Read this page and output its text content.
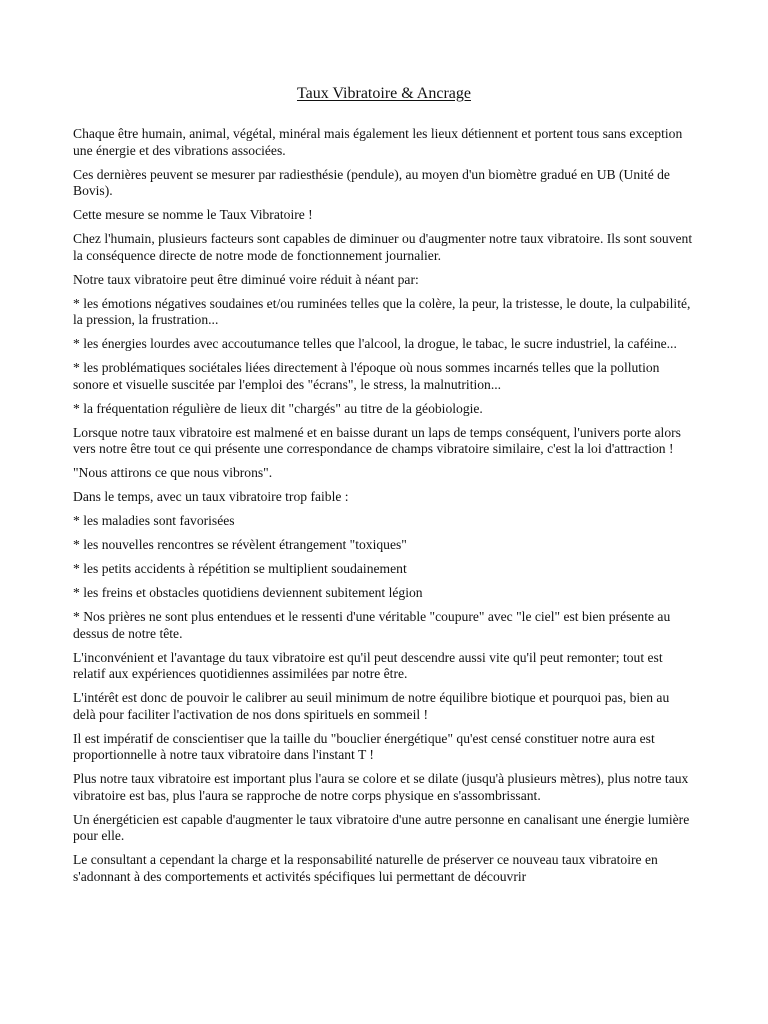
Taux Vibratoire & Ancrage

Chaque être humain, animal, végétal, minéral mais également les lieux détiennent et portent tous sans exception une énergie et des vibrations associées.

Ces dernières peuvent se mesurer par radiesthésie (pendule), au moyen d'un biomètre gradué en UB (Unité de Bovis).

Cette mesure se nomme le Taux Vibratoire !

Chez l'humain, plusieurs facteurs sont capables de diminuer ou d'augmenter notre taux vibratoire. Ils sont souvent la conséquence directe de notre mode de fonctionnement journalier.

Notre taux vibratoire peut être diminué voire réduit à néant par:

* les émotions négatives soudaines et/ou ruminées telles que la colère, la peur, la tristesse, le doute, la culpabilité, la pression, la frustration...

* les énergies lourdes avec accoutumance telles que l'alcool, la drogue, le tabac, le sucre industriel, la caféine...

* les problématiques sociétales liées directement à l'époque où nous sommes incarnés telles que la pollution sonore et visuelle suscitée par l'emploi des "écrans", le stress, la malnutrition...

* la fréquentation régulière de lieux dit "chargés" au titre de la géobiologie.

Lorsque notre taux vibratoire est malmené et en baisse durant un laps de temps conséquent, l'univers porte alors vers notre être tout ce qui présente une correspondance de champs vibratoire similaire, c'est la loi d'attraction !

"Nous attirons ce que nous vibrons".

Dans le temps, avec un taux vibratoire trop faible :

* les maladies sont favorisées

* les nouvelles rencontres se révèlent étrangement "toxiques"

* les petits accidents à répétition se multiplient soudainement

* les freins et obstacles quotidiens deviennent subitement légion

* Nos prières ne sont plus entendues et le ressenti d'une véritable "coupure" avec "le ciel" est bien présente au dessus de notre tête.

L'inconvénient et l'avantage du taux vibratoire est qu'il peut descendre aussi vite qu'il peut remonter; tout est relatif aux expériences quotidiennes assimilées par notre être.

L'intérêt est donc de pouvoir le calibrer au seuil minimum de notre équilibre biotique et pourquoi pas, bien au delà pour faciliter l'activation de nos dons spirituels en sommeil !

Il est impératif de conscientiser que la taille du "bouclier énergétique" qu'est censé constituer notre aura est proportionnelle à notre taux vibratoire dans l'instant T !

Plus notre taux vibratoire est important plus l'aura se colore et se dilate (jusqu'à plusieurs mètres), plus notre taux vibratoire est bas, plus l'aura se rapproche de notre corps physique en s'assombrissant.

Un énergéticien est capable d'augmenter le taux vibratoire d'une autre personne en canalisant une énergie lumière pour elle.

Le consultant a cependant la charge et la responsabilité naturelle de préserver ce nouveau taux vibratoire en s'adonnant à des comportements et activités spécifiques lui permettant de découvrir
